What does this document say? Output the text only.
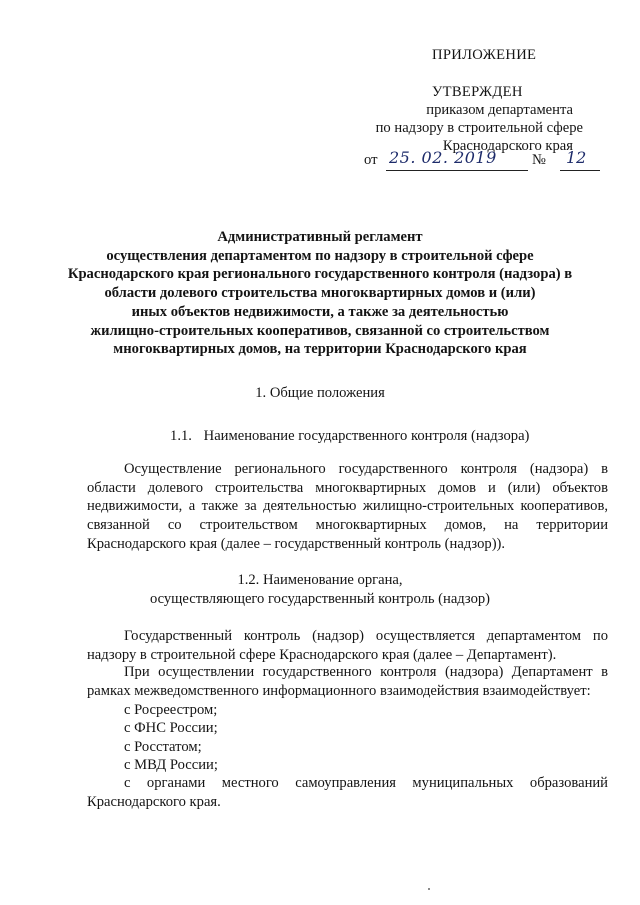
ПРИЛОЖЕНИЕ
УТВЕРЖДЕН
приказом департамента
по надзору в строительной сфере
Краснодарского края
от 25. 02. 2019 № 12
Административный регламент
осуществления департаментом по надзору в строительной сфере
Краснодарского края регионального государственного контроля (надзора) в
области долевого строительства многоквартирных домов и (или)
иных объектов недвижимости, а также за деятельностью
жилищно-строительных кооперативов, связанной со строительством
многоквартирных домов, на территории Краснодарского края
1. Общие положения
1.1. Наименование государственного контроля (надзора)
Осуществление регионального государственного контроля (надзора) в
области долевого строительства многоквартирных домов и (или) объектов
недвижимости, а также за деятельностью жилищно-строительных кооперативов,
связанной со строительством многоквартирных домов, на территории
Краснодарского края (далее – государственный контроль (надзор)).
1.2. Наименование органа,
осуществляющего государственный контроль (надзор)
Государственный контроль (надзор) осуществляется департаментом по
надзору в строительной сфере Краснодарского края (далее – Департамент).
При осуществлении государственного контроля (надзора) Департамент в
рамках межведомственного информационного взаимодействия взаимодействует:
с Росреестром;
с ФНС России;
с Росстатом;
с МВД России;
с органами местного самоуправления муниципальных образований
Краснодарского края.
